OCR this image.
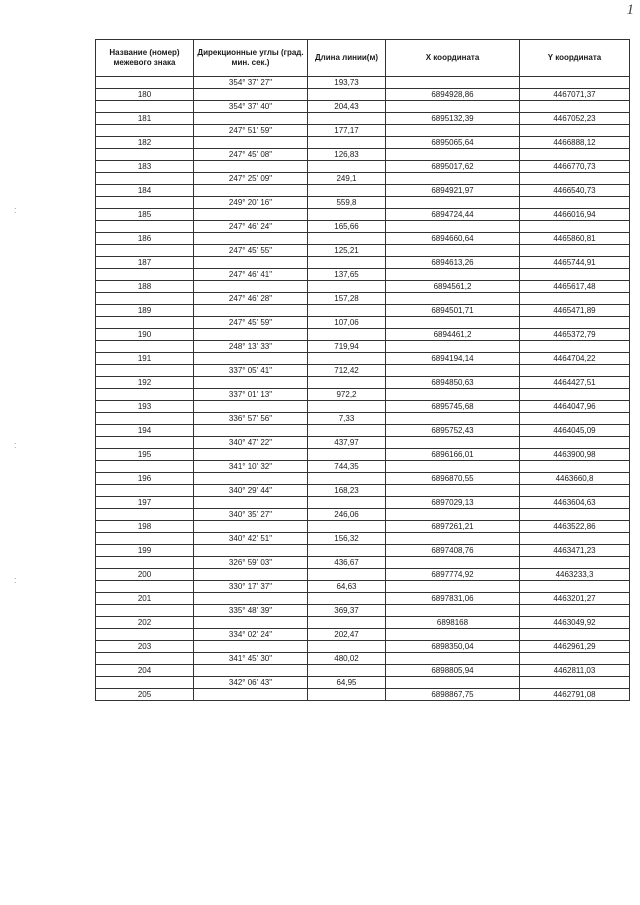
1
:
:
:
Название (номер) межевого знака	Дирекционные углы (град. мин. сек.)	Длина линии(м)	X координата	Y координата
	354° 37' 27"	193,73		
180			6894928,86	4467071,37
	354° 37' 40"	204,43		
181			6895132,39	4467052,23
	247° 51' 59"	177,17		
182			6895065,64	4466888,12
	247° 45' 08"	126,83		
183			6895017,62	4466770,73
	247° 25' 09"	249,1		
184			6894921,97	4466540,73
	249° 20' 16"	559,8		
185			6894724,44	4466016,94
	247° 46' 24"	165,66		
186			6894660,64	4465860,81
	247° 45' 55"	125,21		
187			6894613,26	4465744,91
	247° 46' 41"	137,65		
188			6894561,2	4465617,48
	247° 46' 28"	157,28		
189			6894501,71	4465471,89
	247° 45' 59"	107,06		
190			6894461,2	4465372,79
	248° 13' 33"	719,94		
191			6894194,14	4464704,22
	337° 05' 41"	712,42		
192			6894850,63	4464427,51
	337° 01' 13"	972,2		
193			6895745,68	4464047,96
	336° 57' 56"	7,33		
194			6895752,43	4464045,09
	340° 47' 22"	437,97		
195			6896166,01	4463900,98
	341° 10' 32"	744,35		
196			6896870,55	4463660,8
	340° 29' 44"	168,23		
197			6897029,13	4463604,63
	340° 35' 27"	246,06		
198			6897261,21	4463522,86
	340° 42' 51"	156,32		
199			6897408,76	4463471,23
	326° 59' 03"	436,67		
200			6897774,92	4463233,3
	330° 17' 37"	64,63		
201			6897831,06	4463201,27
	335° 48' 39"	369,37		
202			6898168	4463049,92
	334° 02' 24"	202,47		
203			6898350,04	4462961,29
	341° 45' 30"	480,02		
204			6898805,94	4462811,03
	342° 06' 43"	64,95		
205			6898867,75	4462791,08
